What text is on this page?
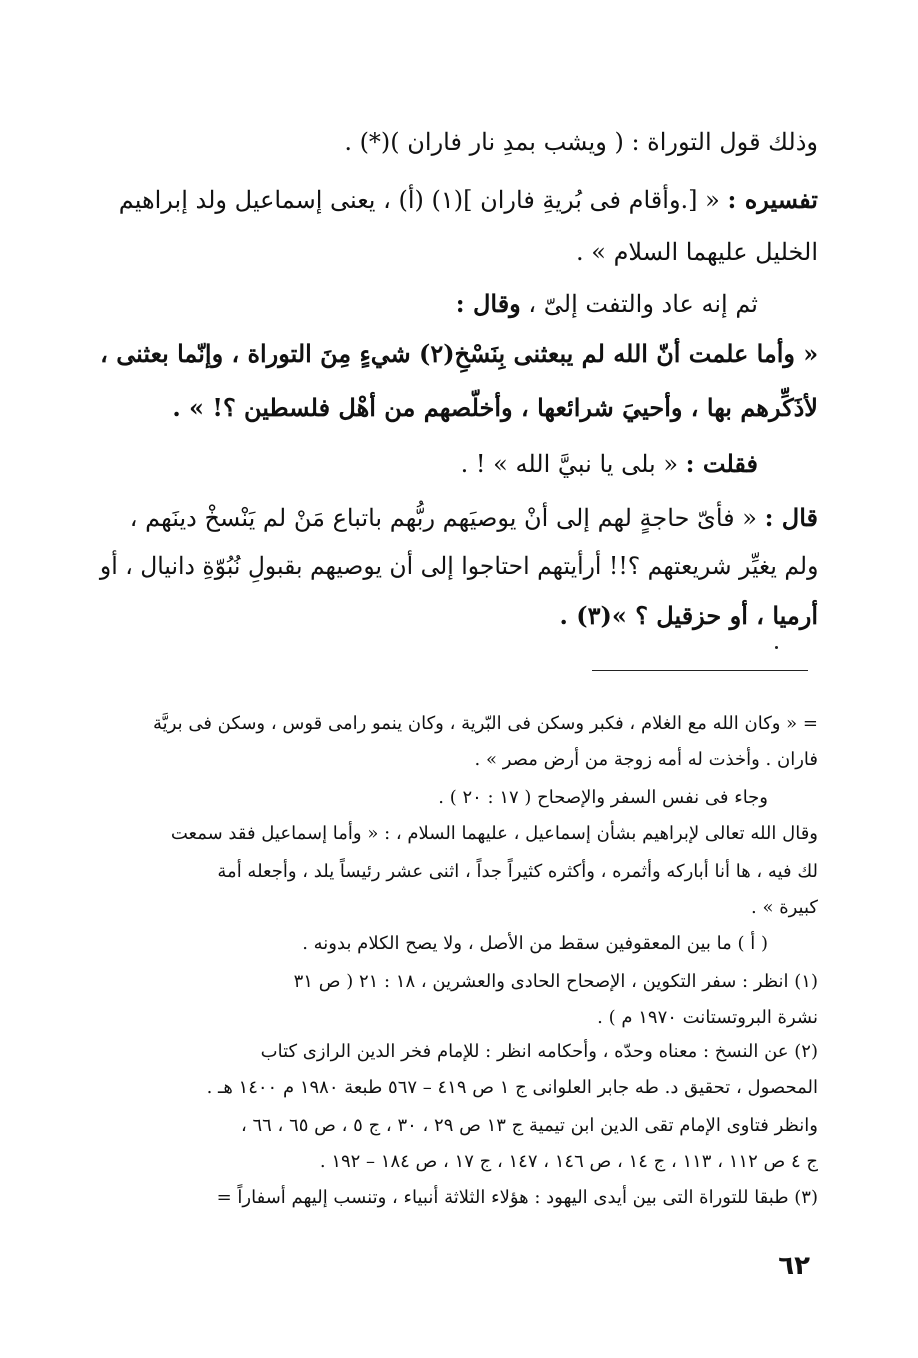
وذلك قول التوراة : ( ويشب بمدِ نار فاران )(*) .
تفسيره : « [.وأقام فى بُريةِ فاران ](١) (أ) ، يعنى إسماعيل ولد إبراهيم
الخليل عليهما السلام » .
ثم إنه عاد والتفت إلىّ ، وقال :
« وأما علمت أنّ الله لم يبعثنى بِنَسْخِ(٢) شيءٍ مِنَ التوراة ، وإنّما بعثنى ،
لأذَكِّرهم بها ، وأحييَ شرائعها ، وأخلّصهم من أهْل فلسطين ؟! » .
فقلت : « بلى يا نبيَّ الله » ! .
قال : « فأىّ حاجةٍ لهم إلى أنْ يوصيَهم ربُّهم باتباع مَنْ لم يَنْسخْ دينَهم ،
ولم يغيِّر شريعتهم ؟!! أرأيتهم احتاجوا إلى أن يوصيهم بقبولِ نُبُوّةِ دانيال ، أو
أرميا ، أو حزقيل ؟ »(٣) .
= « وكان الله مع الغلام ، فكبر وسكن فى البّرية ، وكان ينمو رامى قوس ، وسكن فى بريَّة
فاران . وأخذت له أمه زوجة من أرض مصر » .
وجاء فى نفس السفر والإصحاح ( ١٧ : ٢٠ ) .
وقال الله تعالى لإبراهيم بشأن إسماعيل ، عليهما السلام ، : « وأما إسماعيل فقد سمعت
لك فيه ، ها أنا أباركه وأثمره ، وأكثره كثيراً جداً ، اثنى عشر رئيساً يلد ، وأجعله أمة
كبيرة » .
( أ ) ما بين المعقوفين سقط من الأصل ، ولا يصح الكلام بدونه .
(١) انظر : سفر التكوين ، الإصحاح الحادى والعشرين ، ١٨ : ٢١ ( ص ٣١
نشرة البروتستانت ١٩٧٠ م ) .
(٢) عن النسخ : معناه وحدّه ، وأحكامه انظر : للإمام فخر الدين الرازى كتاب
المحصول ، تحقيق د. طه جابر العلوانى ج ١ ص ٤١٩ – ٥٦٧ طبعة ١٩٨٠ م ١٤٠٠ هـ .
وانظر فتاوى الإمام تقى الدين ابن تيمية ج ١٣ ص ٢٩ ، ٣٠ ، ج ٥ ، ص ٦٥ ، ٦٦ ،
ج ٤ ص ١١٢ ، ١١٣ ، ج ١٤ ، ص ١٤٦ ، ١٤٧ ، ج ١٧ ، ص ١٨٤ – ١٩٢ .
(٣) طبقا للتوراة التى بين أيدى اليهود : هؤلاء الثلاثة أنبياء ، وتنسب إليهم أسفاراً =
٦٢
